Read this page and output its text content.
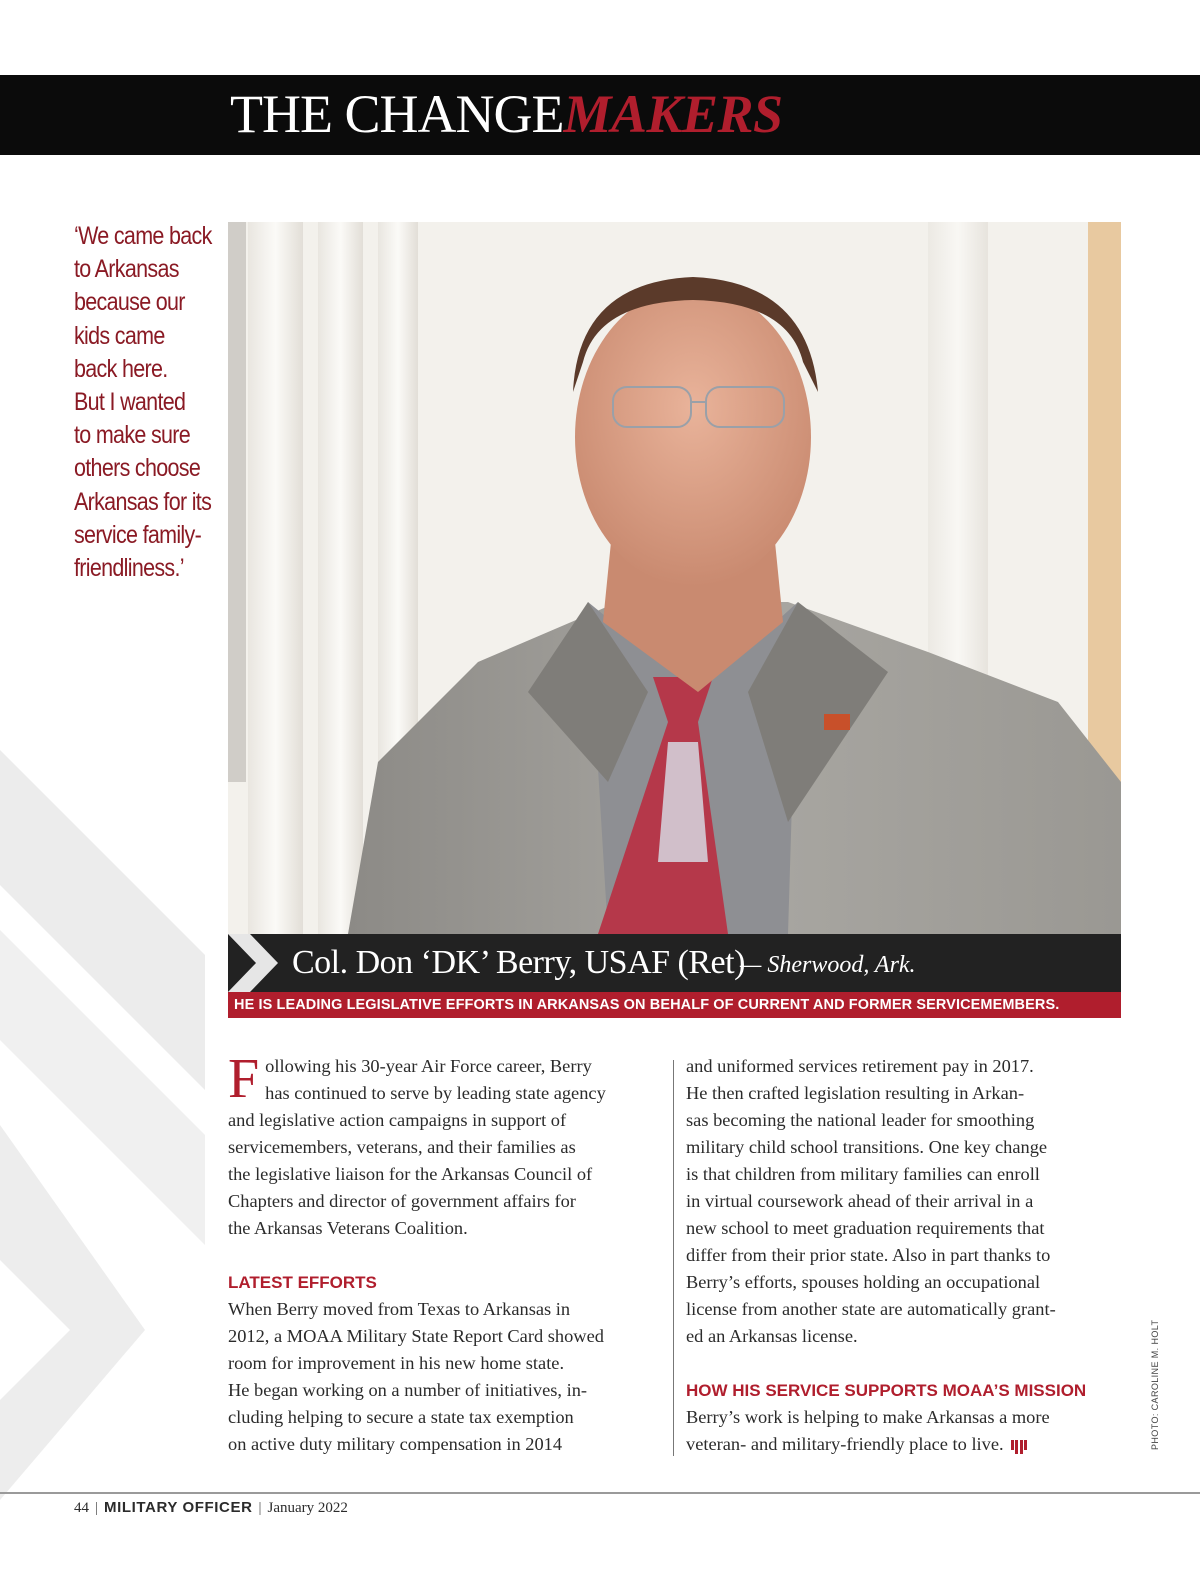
THE CHANGEMAKERS
‘We came back
to Arkansas
because our
kids came
back here.
But I wanted
to make sure
others choose
Arkansas for its
service family-
friendliness.’
Col. Don ‘DK’ Berry, USAF (Ret)
— Sherwood, Ark.
HE IS LEADING LEGISLATIVE EFFORTS IN ARKANSAS ON BEHALF OF CURRENT AND FORMER SERVICEMEMBERS.
F ollowing his 30-year Air Force career, Berry
has continued to serve by leading state agency
and legislative action campaigns in support of
servicemembers, veterans, and their families as
the legislative liaison for the Arkansas Council of
Chapters and director of government affairs for
the Arkansas Veterans Coalition.
LATEST EFFORTS
When Berry moved from Texas to Arkansas in
2012, a MOAA Military State Report Card showed
room for improvement in his new home state.
He began working on a number of initiatives, in-
cluding helping to secure a state tax exemption
on active duty military compensation in 2014
and uniformed services retirement pay in 2017.
He then crafted legislation resulting in Arkan-
sas becoming the national leader for smoothing
military child school transitions. One key change
is that children from military families can enroll
in virtual coursework ahead of their arrival in a
new school to meet graduation requirements that
differ from their prior state. Also in part thanks to
Berry’s efforts, spouses holding an occupational
license from another state are automatically grant-
ed an Arkansas license.
HOW HIS SERVICE SUPPORTS MOAA’S MISSION
Berry’s work is helping to make Arkansas a more
veteran- and military-friendly place to live.	PHOTO: CAROLINE M. HOLT
44 | MILITARY OFFICER | January 2022
